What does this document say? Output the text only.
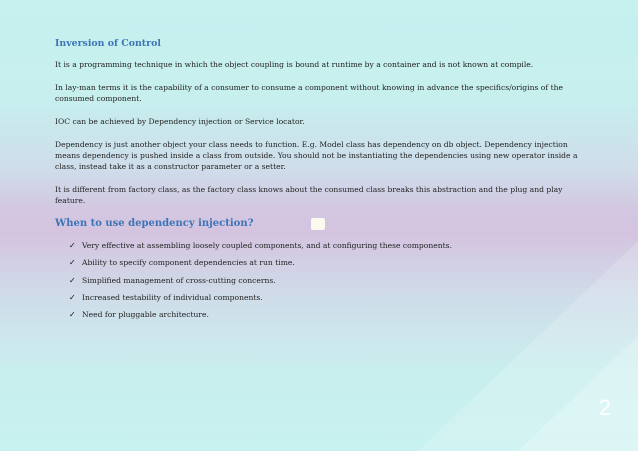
Inversion of Control

It is a programming technique in which the object coupling is bound at runtime by a container and is not known at compile.

In lay-man terms it is the capability of a consumer to consume a component without knowing in advance the specifics/origins of the consumed component.

IOC can be achieved by Dependency injection or Service locator.

Dependency is just another object your class needs to function. E.g. Model class has dependency on db object. Dependency injection means dependency is pushed inside a class from outside. You should not be instantiating the dependencies using new operator inside a class, instead take it as a constructor parameter or a setter.

It is different from factory class, as the factory class knows about the consumed class breaks this abstraction and the plug and play feature.

When to use dependency injection?
✓ Very effective at assembling loosely coupled components, and at configuring these components.
✓ Ability to specify component dependencies at run time.
✓ Simplified management of cross-cutting concerns.
✓ Increased testability of individual components.
✓ Need for pluggable architecture.
2
